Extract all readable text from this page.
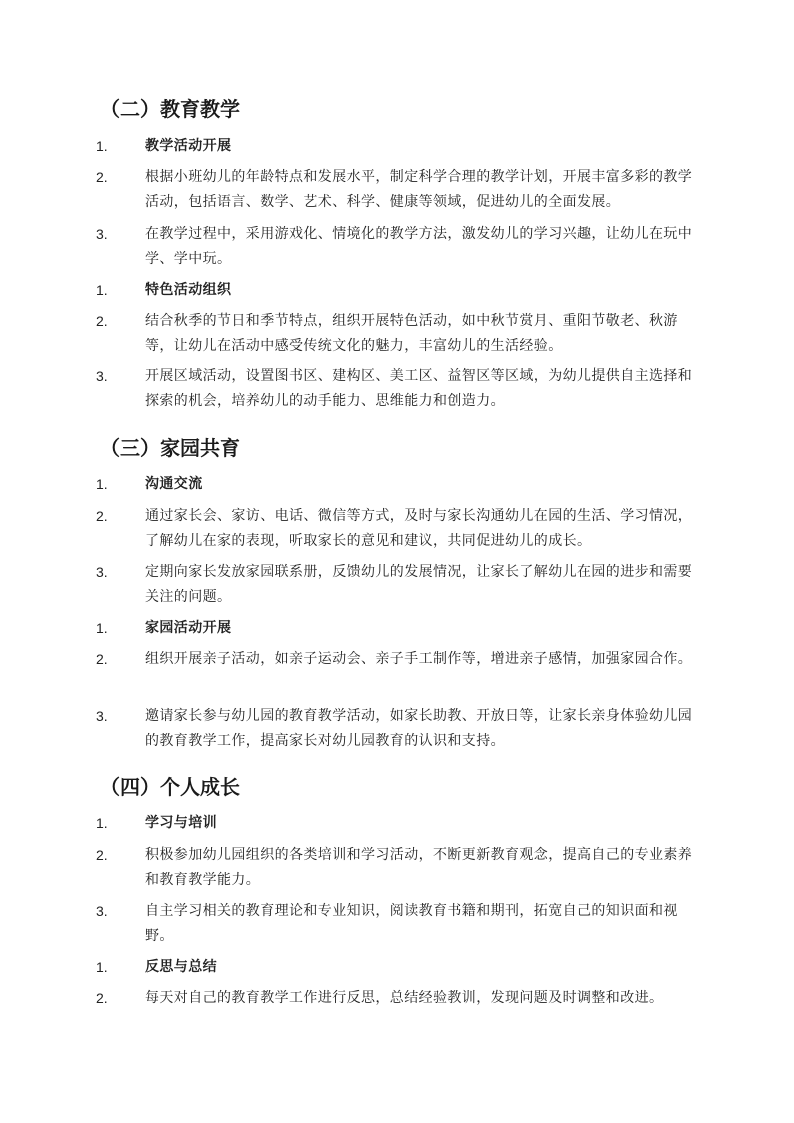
（二）教育教学
1.	教学活动开展
2.	根据小班幼儿的年龄特点和发展水平，制定科学合理的教学计划，开展丰富多彩的教学活动，包括语言、数学、艺术、科学、健康等领域，促进幼儿的全面发展。
3.	在教学过程中，采用游戏化、情境化的教学方法，激发幼儿的学习兴趣，让幼儿在玩中学、学中玩。
1.	特色活动组织
2.	结合秋季的节日和季节特点，组织开展特色活动，如中秋节赏月、重阳节敬老、秋游等，让幼儿在活动中感受传统文化的魅力，丰富幼儿的生活经验。
3.	开展区域活动，设置图书区、建构区、美工区、益智区等区域，为幼儿提供自主选择和探索的机会，培养幼儿的动手能力、思维能力和创造力。
（三）家园共育
1.	沟通交流
2.	通过家长会、家访、电话、微信等方式，及时与家长沟通幼儿在园的生活、学习情况，了解幼儿在家的表现，听取家长的意见和建议，共同促进幼儿的成长。
3.	定期向家长发放家园联系册，反馈幼儿的发展情况，让家长了解幼儿在园的进步和需要关注的问题。
1.	家园活动开展
2.	组织开展亲子活动，如亲子运动会、亲子手工制作等，增进亲子感情，加强家园合作。
3.	邀请家长参与幼儿园的教育教学活动，如家长助教、开放日等，让家长亲身体验幼儿园的教育教学工作，提高家长对幼儿园教育的认识和支持。
（四）个人成长
1.	学习与培训
2.	积极参加幼儿园组织的各类培训和学习活动，不断更新教育观念，提高自己的专业素养和教育教学能力。
3.	自主学习相关的教育理论和专业知识，阅读教育书籍和期刊，拓宽自己的知识面和视野。
1.	反思与总结
2.	每天对自己的教育教学工作进行反思，总结经验教训，发现问题及时调整和改进。
